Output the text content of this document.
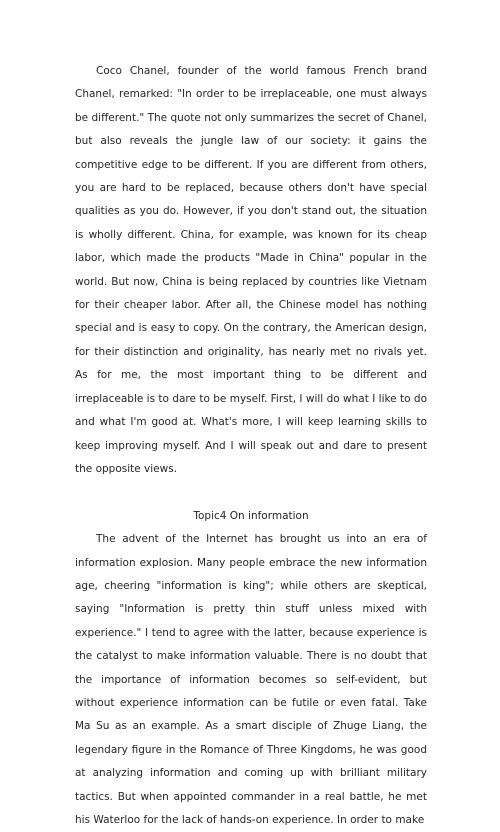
Coco Chanel, founder of the world famous French brand Chanel, remarked: "In order to be irreplaceable, one must always be different." The quote not only summarizes the secret of Chanel, but also reveals the jungle law of our society: it gains the competitive edge to be different. If you are different from others, you are hard to be replaced, because others don't have special qualities as you do. However, if you don't stand out, the situation is wholly different. China, for example, was known for its cheap labor, which made the products "Made in China" popular in the world. But now, China is being replaced by countries like Vietnam for their cheaper labor. After all, the Chinese model has nothing special and is easy to copy. On the contrary, the American design, for their distinction and originality, has nearly met no rivals yet. As for me, the most important thing to be different and irreplaceable is to dare to be myself. First, I will do what I like to do and what I'm good at. What's more, I will keep learning skills to keep improving myself. And I will speak out and dare to present the opposite views.

Topic4 On information

The advent of the Internet has brought us into an era of information explosion. Many people embrace the new information age, cheering "information is king"; while others are skeptical, saying "Information is pretty thin stuff unless mixed with experience." I tend to agree with the latter, because experience is the catalyst to make information valuable. There is no doubt that the importance of information becomes so self-evident, but without experience information can be futile or even fatal. Take Ma Su as an example. As a smart disciple of Zhuge Liang, the legendary figure in the Romance of Three Kingdoms, he was good at analyzing information and coming up with brilliant military tactics. But when appointed commander in a real battle, he met his Waterloo for the lack of hands-on experience. In order to make
